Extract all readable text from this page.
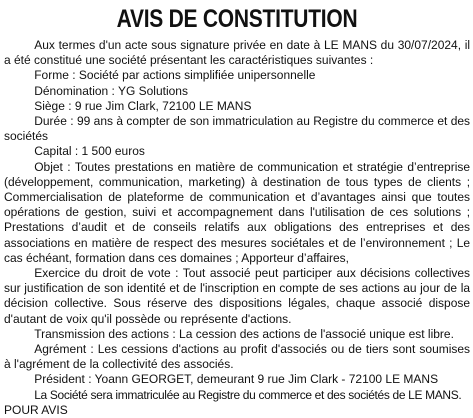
AVIS DE CONSTITUTION

Aux termes d'un acte sous signature privée en date à LE MANS du 30/07/2024, il a été constitué une société présentant les caractéristiques suivantes :

Forme : Société par actions simplifiée unipersonnelle

Dénomination : YG Solutions

Siège : 9 rue Jim Clark, 72100 LE MANS

Durée : 99 ans à compter de son immatriculation au Registre du commerce et des sociétés

Capital : 1 500 euros

Objet : Toutes prestations en matière de communication et stratégie d’entreprise (développement, communication, marketing) à destination de tous types de clients ; Commercialisation de plateforme de communication et d’avantages ainsi que toutes opérations de gestion, suivi et accompagnement dans l'utilisation de ces solutions ; Prestations d’audit et de conseils relatifs aux obligations des entreprises et des associations en matière de respect des mesures sociétales et de l’environnement ; Le cas échéant, formation dans ces domaines ; Apporteur d’affaires,

Exercice du droit de vote : Tout associé peut participer aux décisions collectives sur justification de son identité et de l'inscription en compte de ses actions au jour de la décision collective. Sous réserve des dispositions légales, chaque associé dispose d'autant de voix qu'il possède ou représente d'actions.

Transmission des actions : La cession des actions de l'associé unique est libre.

Agrément : Les cessions d'actions au profit d'associés ou de tiers sont soumises à l'agrément de la collectivité des associés.

Président : Yoann GEORGET, demeurant 9 rue Jim Clark - 72100 LE MANS

La Société sera immatriculée au Registre du commerce et des sociétés de LE MANS.

POUR AVIS
